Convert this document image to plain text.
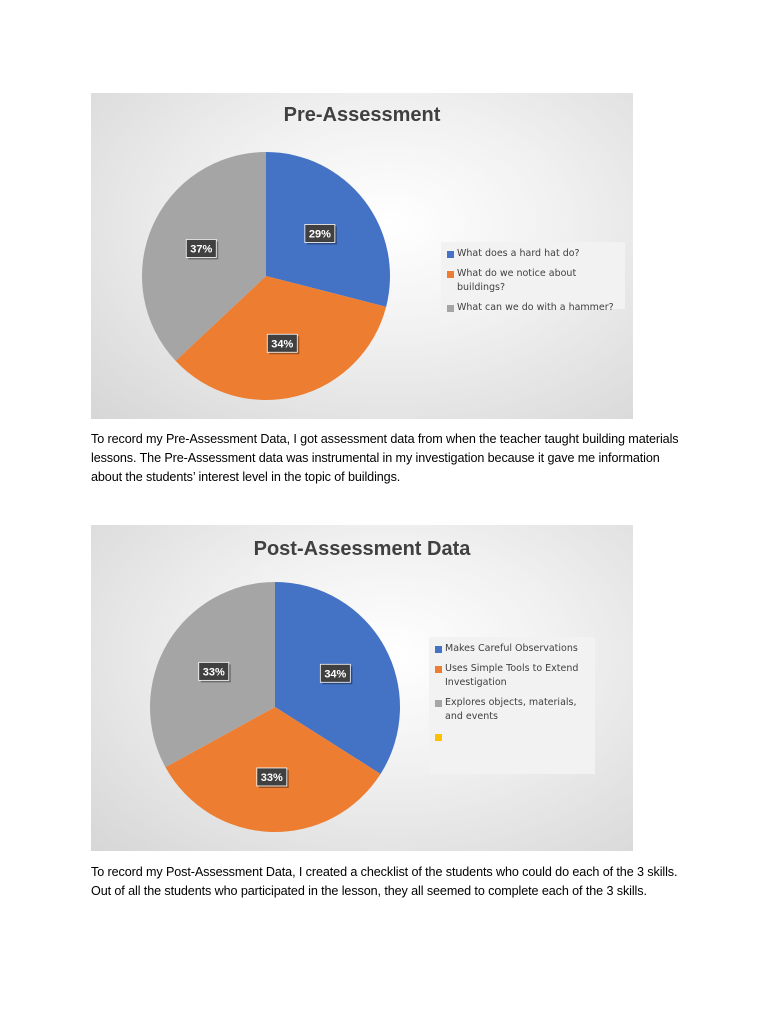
Pre-Assessment
29%
34%
37%	What does a hard hat do?
What do we notice about buildings?
What can we do with a hammer?

To record my Pre-Assessment Data, I got assessment data from when the teacher taught building materials lessons. The Pre-Assessment data was instrumental in my investigation because it gave me information about the students’ interest level in the topic of buildings.

Post-Assessment Data
34%
33%
33%
Makes Careful Observations
Uses Simple Tools to Extend Investigation
Explores objects, materials, and events

To record my Post-Assessment Data, I created a checklist of the students who could do each of the 3 skills. Out of all the students who participated in the lesson, they all seemed to complete each of the 3 skills.
